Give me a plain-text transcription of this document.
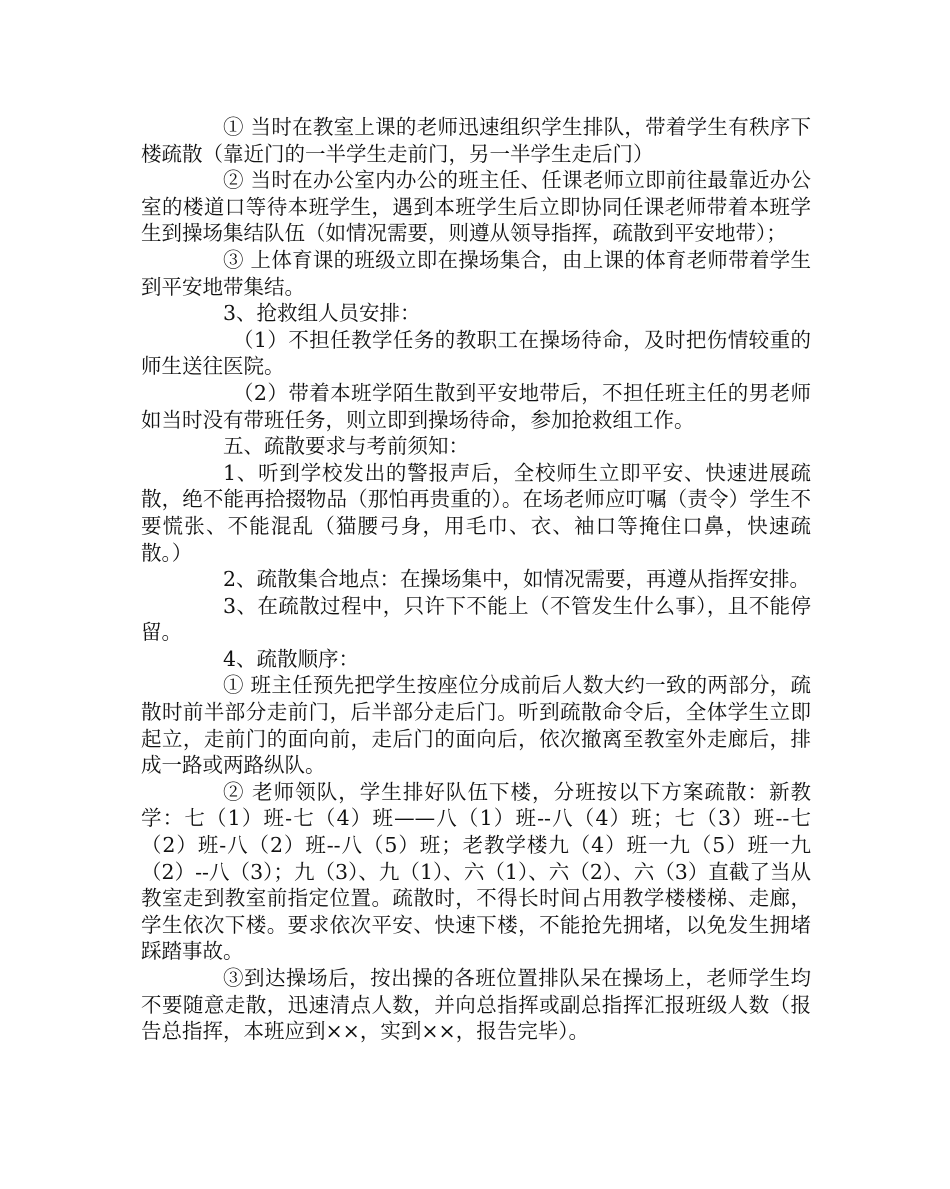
① 当时在教室上课的老师迅速组织学生排队，带着学生有秩序下楼疏散（靠近门的一半学生走前门，另一半学生走后门）

② 当时在办公室内办公的班主任、任课老师立即前往最靠近办公室的楼道口等待本班学生，遇到本班学生后立即协同任课老师带着本班学生到操场集结队伍（如情况需要，则遵从领导指挥，疏散到平安地带）；

③ 上体育课的班级立即在操场集合，由上课的体育老师带着学生到平安地带集结。

3、抢救组人员安排：

（1）不担任教学任务的教职工在操场待命，及时把伤情较重的师生送往医院。

（2）带着本班学陌生散到平安地带后，不担任班主任的男老师如当时没有带班任务，则立即到操场待命，参加抢救组工作。

五、疏散要求与考前须知：

1、听到学校发出的警报声后，全校师生立即平安、快速进展疏散，绝不能再拾掇物品（那怕再贵重的）。在场老师应叮嘱（责令）学生不要慌张、不能混乱（猫腰弓身，用毛巾、衣、袖口等掩住口鼻，快速疏散。）

2、疏散集合地点：在操场集中，如情况需要，再遵从指挥安排。

3、在疏散过程中，只许下不能上（不管发生什么事），且不能停留。

4、疏散顺序：

① 班主任预先把学生按座位分成前后人数大约一致的两部分，疏散时前半部分走前门，后半部分走后门。听到疏散命令后，全体学生立即起立，走前门的面向前，走后门的面向后，依次撤离至教室外走廊后，排成一路或两路纵队。

② 老师领队，学生排好队伍下楼，分班按以下方案疏散：新教学：七（1）班-七（4）班——八（1）班--八（4）班；七（3）班--七（2）班-八（2）班--八（5）班；老教学楼九（4）班一九（5）班一九（2）--八（3）；九（3）、九（1）、六（1）、六（2）、六（3）直截了当从教室走到教室前指定位置。疏散时，不得长时间占用教学楼楼梯、走廊，学生依次下楼。要求依次平安、快速下楼，不能抢先拥堵，以免发生拥堵踩踏事故。

③到达操场后，按出操的各班位置排队呆在操场上，老师学生均不要随意走散，迅速清点人数，并向总指挥或副总指挥汇报班级人数（报告总指挥，本班应到××，实到××，报告完毕）。
